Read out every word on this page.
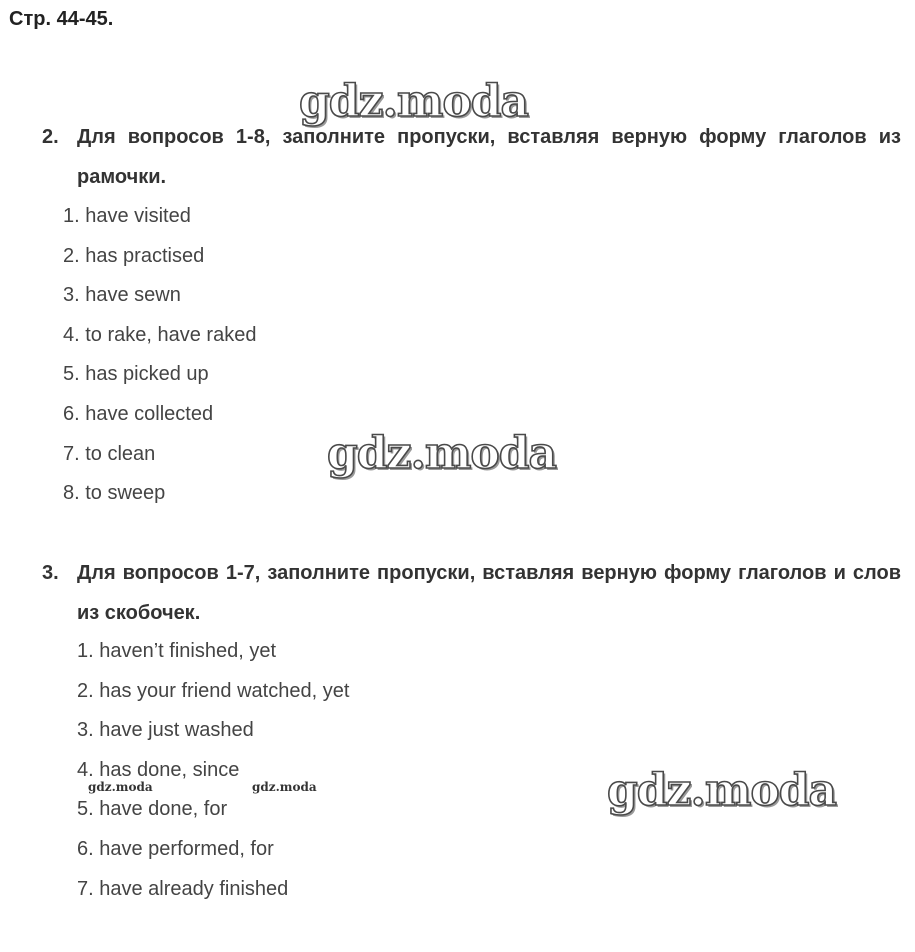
Стр. 44-45.
2. Для вопросов 1-8, заполните пропуски, вставляя верную форму глаголов из рамочки.
1. have visited
2. has practised
3. have sewn
4. to rake, have raked
5. has picked up
6. have collected
7. to clean
8. to sweep
3. Для вопросов 1-7, заполните пропуски, вставляя верную форму глаголов и слов из скобочек.
1. haven’t finished, yet
2. has your friend watched, yet
3. have just washed
4. has done, since
5. have done, for
6. have performed, for
7. have already finished
gdz.moda
gdz.moda
gdz.moda
gdz.moda	gdz.moda
